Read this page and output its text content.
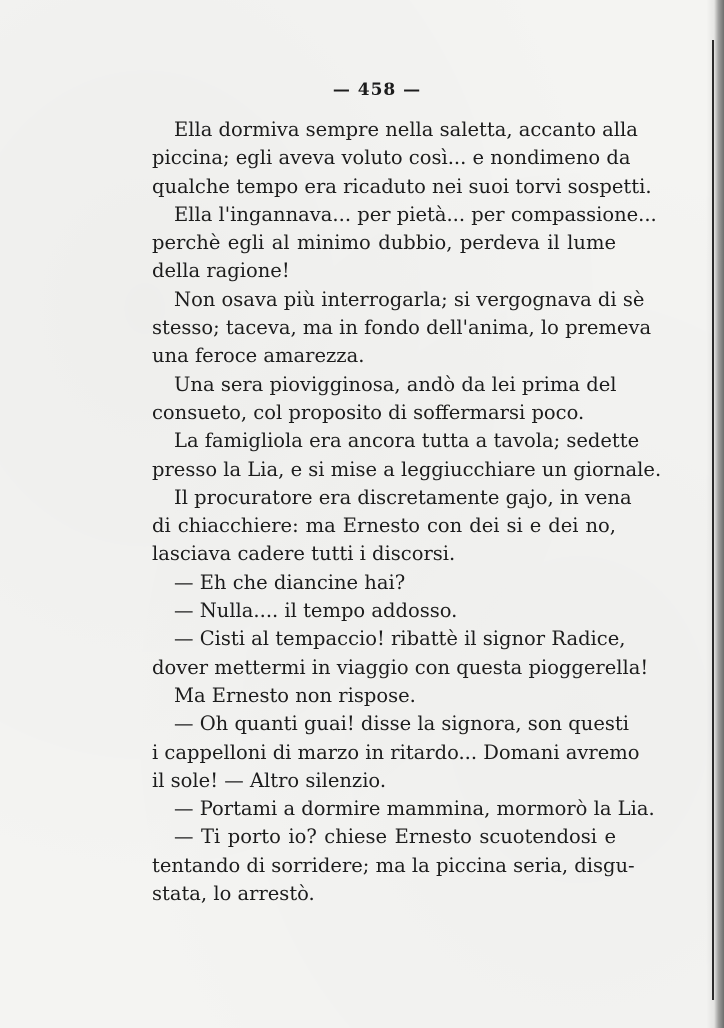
— 458 —
Ella dormiva sempre nella saletta, accanto alla
piccina; egli aveva voluto così... e nondimeno da
qualche tempo era ricaduto nei suoi torvi sospetti.
Ella l'ingannava... per pietà... per compassione...
perchè egli al minimo dubbio, perdeva il lume
della ragione!
Non osava più interrogarla; si vergognava di sè
stesso; taceva, ma in fondo dell'anima, lo premeva
una feroce amarezza.
Una sera piovigginosa, andò da lei prima del
consueto, col proposito di soffermarsi poco.
La famigliola era ancora tutta a tavola; sedette
presso la Lia, e si mise a leggiucchiare un giornale.
Il procuratore era discretamente gajo, in vena
di chiacchiere: ma Ernesto con dei si e dei no,
lasciava cadere tutti i discorsi.
— Eh che diancine hai?
— Nulla.... il tempo addosso.
— Cisti al tempaccio! ribattè il signor Radice,
dover mettermi in viaggio con questa pioggerella!
Ma Ernesto non rispose.
— Oh quanti guai! disse la signora, son questi
i cappelloni di marzo in ritardo... Domani avremo
il sole! — Altro silenzio.
— Portami a dormire mammina, mormorò la Lia.
— Ti porto io? chiese Ernesto scuotendosi e
tentando di sorridere; ma la piccina seria, disgu-
stata, lo arrestò.
